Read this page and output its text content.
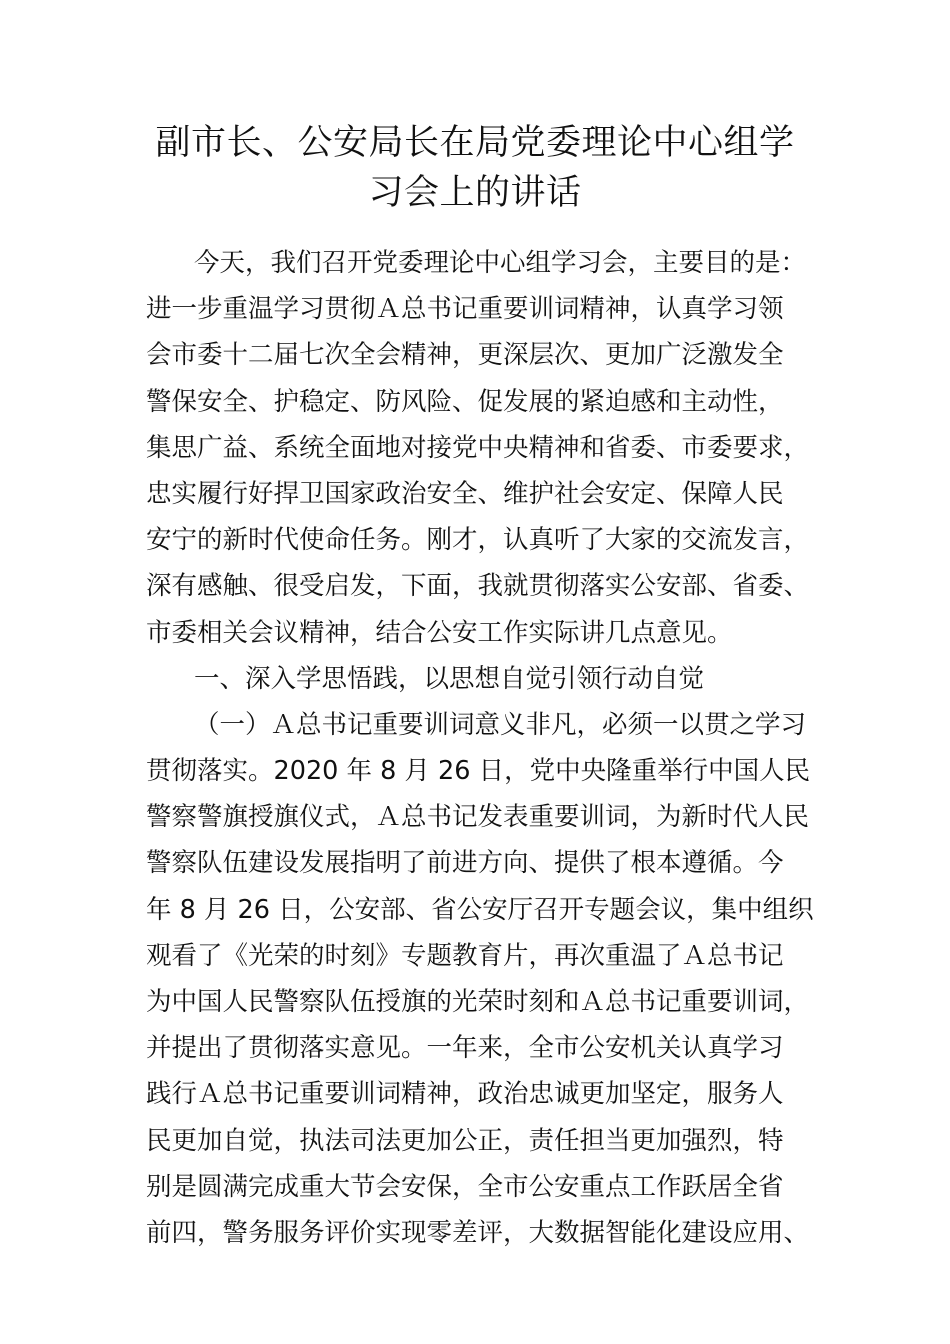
副市长、公安局长在局党委理论中心组学
习会上的讲话
今天，我们召开党委理论中心组学习会，主要目的是：
进一步重温学习贯彻Ａ总书记重要训词精神，认真学习领
会市委十二届七次全会精神，更深层次、更加广泛激发全
警保安全、护稳定、防风险、促发展的紧迫感和主动性，
集思广益、系统全面地对接党中央精神和省委、市委要求，
忠实履行好捍卫国家政治安全、维护社会安定、保障人民
安宁的新时代使命任务。刚才，认真听了大家的交流发言，
深有感触、很受启发，下面，我就贯彻落实公安部、省委、
市委相关会议精神，结合公安工作实际讲几点意见。
一、深入学思悟践，以思想自觉引领行动自觉
（一）Ａ总书记重要训词意义非凡，必须一以贯之学习
贯彻落实。2020 年 8 月 26 日，党中央隆重举行中国人民
警察警旗授旗仪式，Ａ总书记发表重要训词，为新时代人民
警察队伍建设发展指明了前进方向、提供了根本遵循。今
年 8 月 26 日，公安部、省公安厅召开专题会议，集中组织
观看了《光荣的时刻》专题教育片，再次重温了Ａ总书记
为中国人民警察队伍授旗的光荣时刻和Ａ总书记重要训词，
并提出了贯彻落实意见。一年来，全市公安机关认真学习
践行Ａ总书记重要训词精神，政治忠诚更加坚定，服务人
民更加自觉，执法司法更加公正，责任担当更加强烈，特
别是圆满完成重大节会安保，全市公安重点工作跃居全省
前四，警务服务评价实现零差评，大数据智能化建设应用、
